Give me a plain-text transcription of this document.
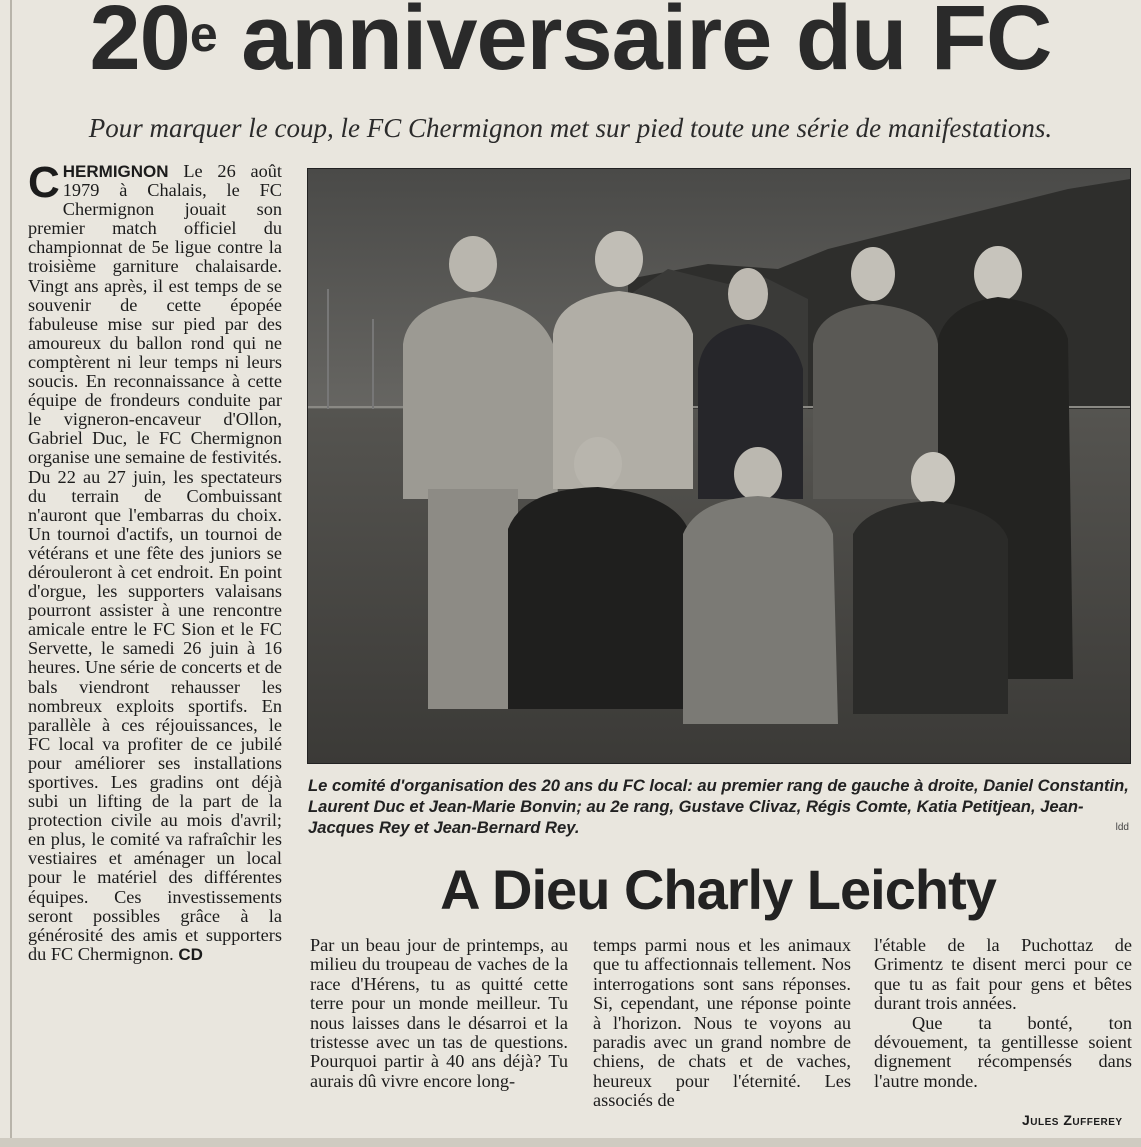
20e anniversaire du FC
Pour marquer le coup, le FC Chermignon met sur pied toute une série de manifestations.

CHERMIGNON Le 26 août 1979 à Chalais, le FC Chermignon jouait son premier match officiel du championnat de 5e ligue contre la troisième garniture chalaisarde. Vingt ans après, il est temps de se souvenir de cette épopée fabuleuse mise sur pied par des amoureux du ballon rond qui ne comptèrent ni leur temps ni leurs soucis. En reconnaissance à cette équipe de frondeurs conduite par le vigneron-encaveur d'Ollon, Gabriel Duc, le FC Chermignon organise une semaine de festivités. Du 22 au 27 juin, les spectateurs du terrain de Combuissant n'auront que l'embarras du choix. Un tournoi d'actifs, un tournoi de vétérans et une fête des juniors se dérouleront à cet endroit. En point d'orgue, les supporters valaisans pourront assister à une rencontre amicale entre le FC Sion et le FC Servette, le samedi 26 juin à 16 heures. Une série de concerts et de bals viendront rehausser les nombreux exploits sportifs. En parallèle à ces réjouissances, le FC local va profiter de ce jubilé pour améliorer ses installations sportives. Les gradins ont déjà subi un lifting de la part de la protection civile au mois d'avril; en plus, le comité va rafraîchir les vestiaires et aménager un local pour le matériel des différentes équipes. Ces investissements seront possibles grâce à la générosité des amis et supporters du FC Chermignon. CD

Le comité d'organisation des 20 ans du FC local: au premier rang de gauche à droite, Daniel Constantin, Laurent Duc et Jean-Marie Bonvin; au 2e rang, Gustave Clivaz, Régis Comte, Katia Petitjean, Jean-Jacques Rey et Jean-Bernard Rey.	ldd
A Dieu Charly Leichty

Par un beau jour de printemps, au milieu du troupeau de vaches de la race d'Hérens, tu as quitté cette terre pour un monde meilleur. Tu nous laisses dans le désarroi et la tristesse avec un tas de questions. Pourquoi partir à 40 ans déjà? Tu aurais dû vivre encore long-

temps parmi nous et les animaux que tu affectionnais tellement. Nos interrogations sont sans réponses. Si, cependant, une réponse pointe à l'horizon. Nous te voyons au paradis avec un grand nombre de chiens, de chats et de vaches, heureux pour l'éternité. Les associés de

l'étable de la Puchottaz de Grimentz te disent merci pour ce que tu as fait pour gens et bêtes durant trois années.

Que ta bonté, ton dévouement, ta gentillesse soient dignement récompensés dans l'autre monde.

Jules Zufferey
